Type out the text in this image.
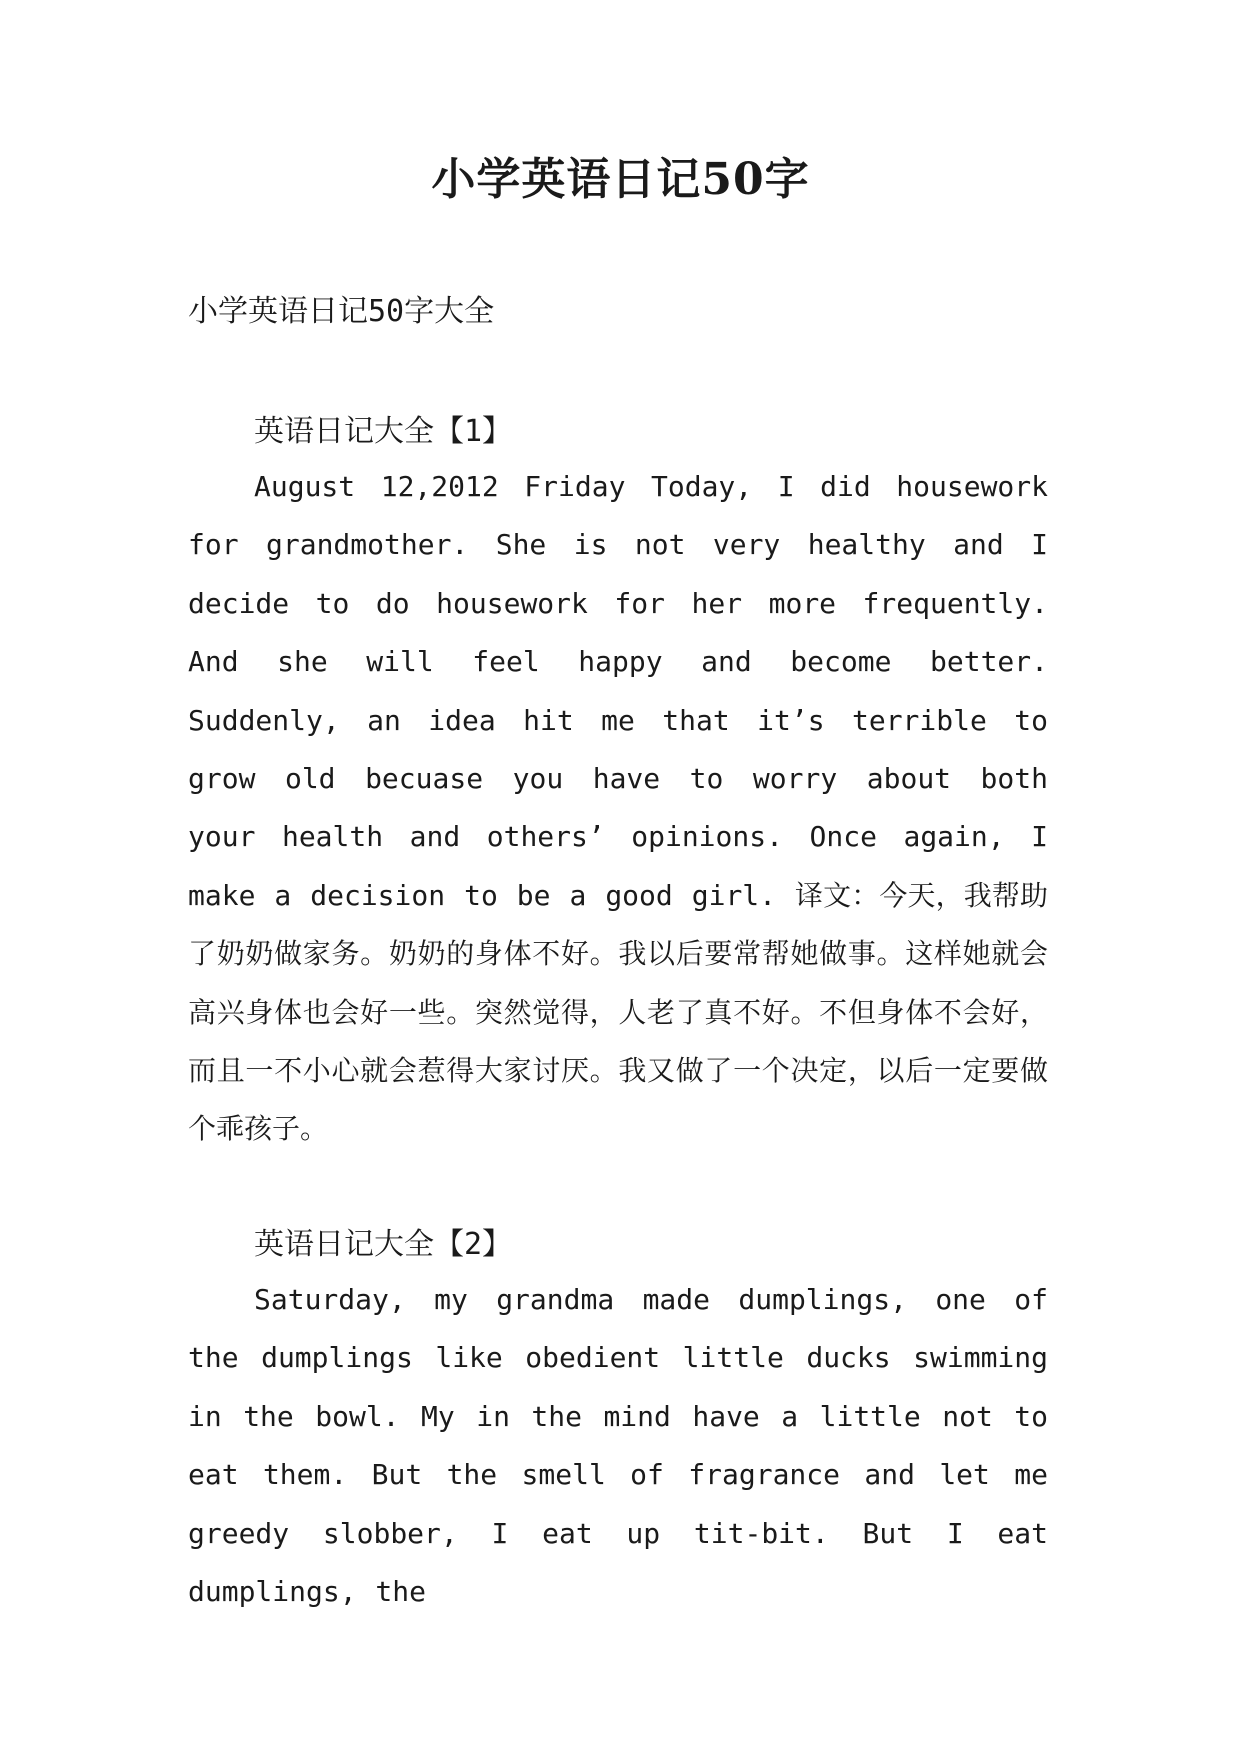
小学英语日记50字
小学英语日记50字大全
英语日记大全【1】

August 12,2012 Friday Today, I did housework for grandmother. She is not very healthy and I decide to do housework for her more frequently. And she will feel happy and become better. Suddenly, an idea hit me that it’s terrible to grow old becuase you have to worry about both your health and others’ opinions. Once again, I make a decision to be a good girl. 译文：今天，我帮助了奶奶做家务。奶奶的身体不好。我以后要常帮她做事。这样她就会高兴身体也会好一些。突然觉得，人老了真不好。不但身体不会好，而且一不小心就会惹得大家讨厌。我又做了一个决定，以后一定要做个乖孩子。

英语日记大全【2】

Saturday, my grandma made dumplings, one of the dumplings like obedient little ducks swimming in the bowl. My in the mind have a little not to eat them. But the smell of fragrance and let me greedy slobber, I eat up tit-bit. But I eat dumplings, the
